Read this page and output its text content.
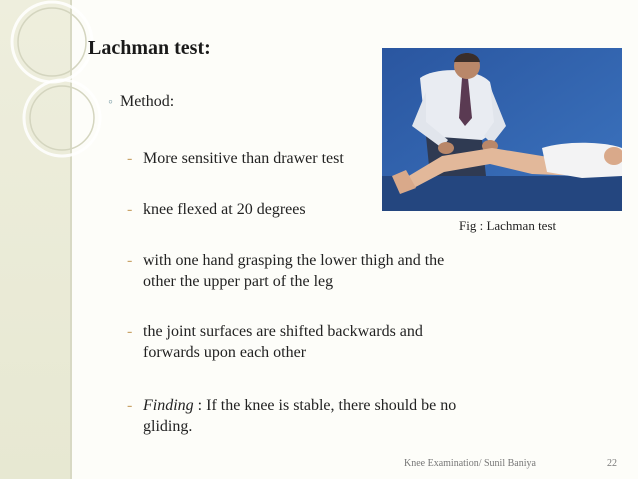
Lachman test:
◦ Method:
- More sensitive than drawer test
- knee flexed at 20 degrees
- with one hand grasping the lower thigh and the other the upper part of the leg
- the joint surfaces are shifted backwards and forwards upon each other
- Finding : If the knee is stable, there should be no gliding.
Fig : Lachman test
Knee Examination/ Sunil Baniya	22
